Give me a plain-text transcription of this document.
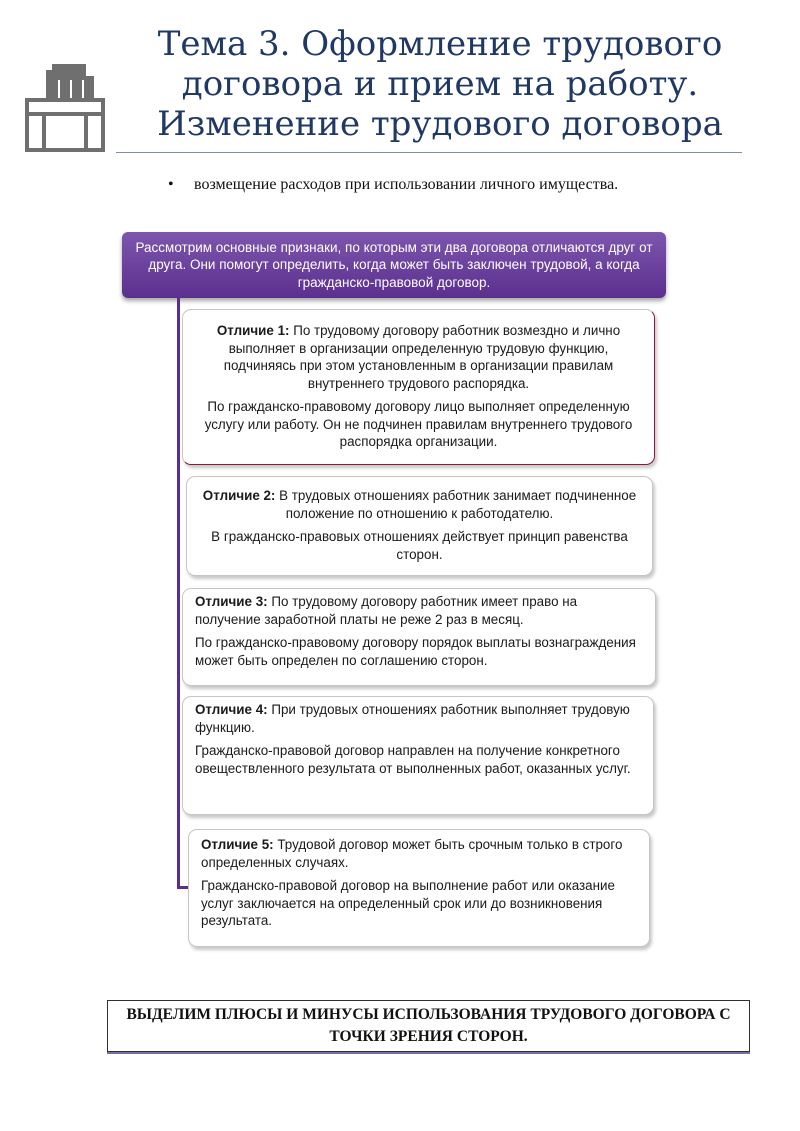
Тема 3. Оформление трудового договора и прием на работу. Изменение трудового договора
• возмещение расходов при использовании личного имущества.
Рассмотрим основные признаки, по которым эти два договора отличаются друг от друга. Они помогут определить, когда может быть заключен трудовой, а когда гражданско-правовой договор.

Отличие 1: По трудовому договору работник возмездно и лично выполняет в организации определенную трудовую функцию, подчиняясь при этом установленным в организации правилам внутреннего трудового распорядка.

По гражданско-правовому договору лицо выполняет определенную услугу или работу. Он не подчинен правилам внутреннего трудового распорядка организации.

Отличие 2: В трудовых отношениях работник занимает подчиненное положение по отношению к работодателю.

В гражданско-правовых отношениях действует принцип равенства сторон.

Отличие 3: По трудовому договору работник имеет право на получение заработной платы не реже 2 раз в месяц.

По гражданско-правовому договору порядок выплаты вознаграждения может быть определен по соглашению сторон.

Отличие 4: При трудовых отношениях работник выполняет трудовую функцию.

Гражданско-правовой договор направлен на получение конкретного овеществленного результата от выполненных работ, оказанных услуг.

Отличие 5: Трудовой договор может быть срочным только в строго определенных случаях.

Гражданско-правовой договор на выполнение работ или оказание услуг заключается на определенный срок или до возникновения результата.

ВЫДЕЛИМ ПЛЮСЫ И МИНУСЫ ИСПОЛЬЗОВАНИЯ ТРУДОВОГО ДОГОВОРА С ТОЧКИ ЗРЕНИЯ СТОРОН.
